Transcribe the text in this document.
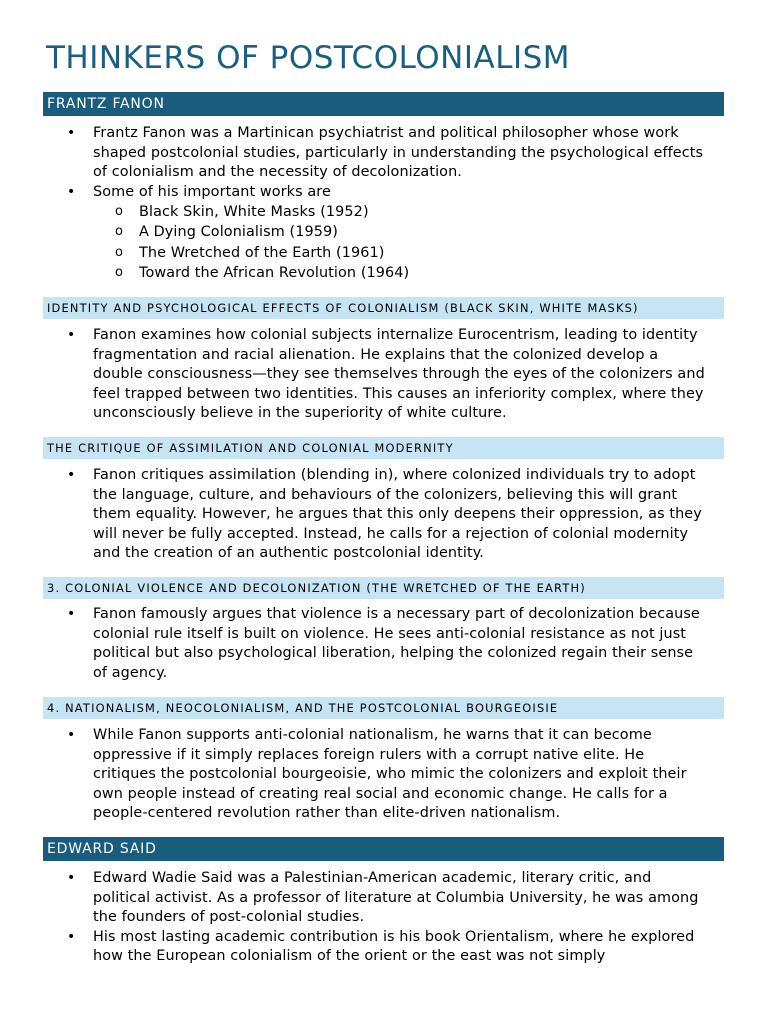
THINKERS OF POSTCOLONIALISM
FRANTZ FANON
• Frantz Fanon was a Martinican psychiatrist and political philosopher whose work shaped postcolonial studies, particularly in understanding the psychological effects of colonialism and the necessity of decolonization.
• Some of his important works are
o Black Skin, White Masks (1952)
o A Dying Colonialism (1959)
o The Wretched of the Earth (1961)
o Toward the African Revolution (1964)
IDENTITY AND PSYCHOLOGICAL EFFECTS OF COLONIALISM (BLACK SKIN, WHITE MASKS)
• Fanon examines how colonial subjects internalize Eurocentrism, leading to identity fragmentation and racial alienation. He explains that the colonized develop a double consciousness—they see themselves through the eyes of the colonizers and feel trapped between two identities. This causes an inferiority complex, where they unconsciously believe in the superiority of white culture.
THE CRITIQUE OF ASSIMILATION AND COLONIAL MODERNITY
• Fanon critiques assimilation (blending in), where colonized individuals try to adopt the language, culture, and behaviours of the colonizers, believing this will grant them equality. However, he argues that this only deepens their oppression, as they will never be fully accepted. Instead, he calls for a rejection of colonial modernity and the creation of an authentic postcolonial identity.
3. COLONIAL VIOLENCE AND DECOLONIZATION (THE WRETCHED OF THE EARTH)
• Fanon famously argues that violence is a necessary part of decolonization because colonial rule itself is built on violence. He sees anti-colonial resistance as not just political but also psychological liberation, helping the colonized regain their sense of agency.
4. NATIONALISM, NEOCOLONIALISM, AND THE POSTCOLONIAL BOURGEOISIE
• While Fanon supports anti-colonial nationalism, he warns that it can become oppressive if it simply replaces foreign rulers with a corrupt native elite. He critiques the postcolonial bourgeoisie, who mimic the colonizers and exploit their own people instead of creating real social and economic change. He calls for a people-centered revolution rather than elite-driven nationalism.
EDWARD SAID
• Edward Wadie Said was a Palestinian-American academic, literary critic, and political activist. As a professor of literature at Columbia University, he was among the founders of post-colonial studies.
• His most lasting academic contribution is his book Orientalism, where he explored how the European colonialism of the orient or the east was not simply
